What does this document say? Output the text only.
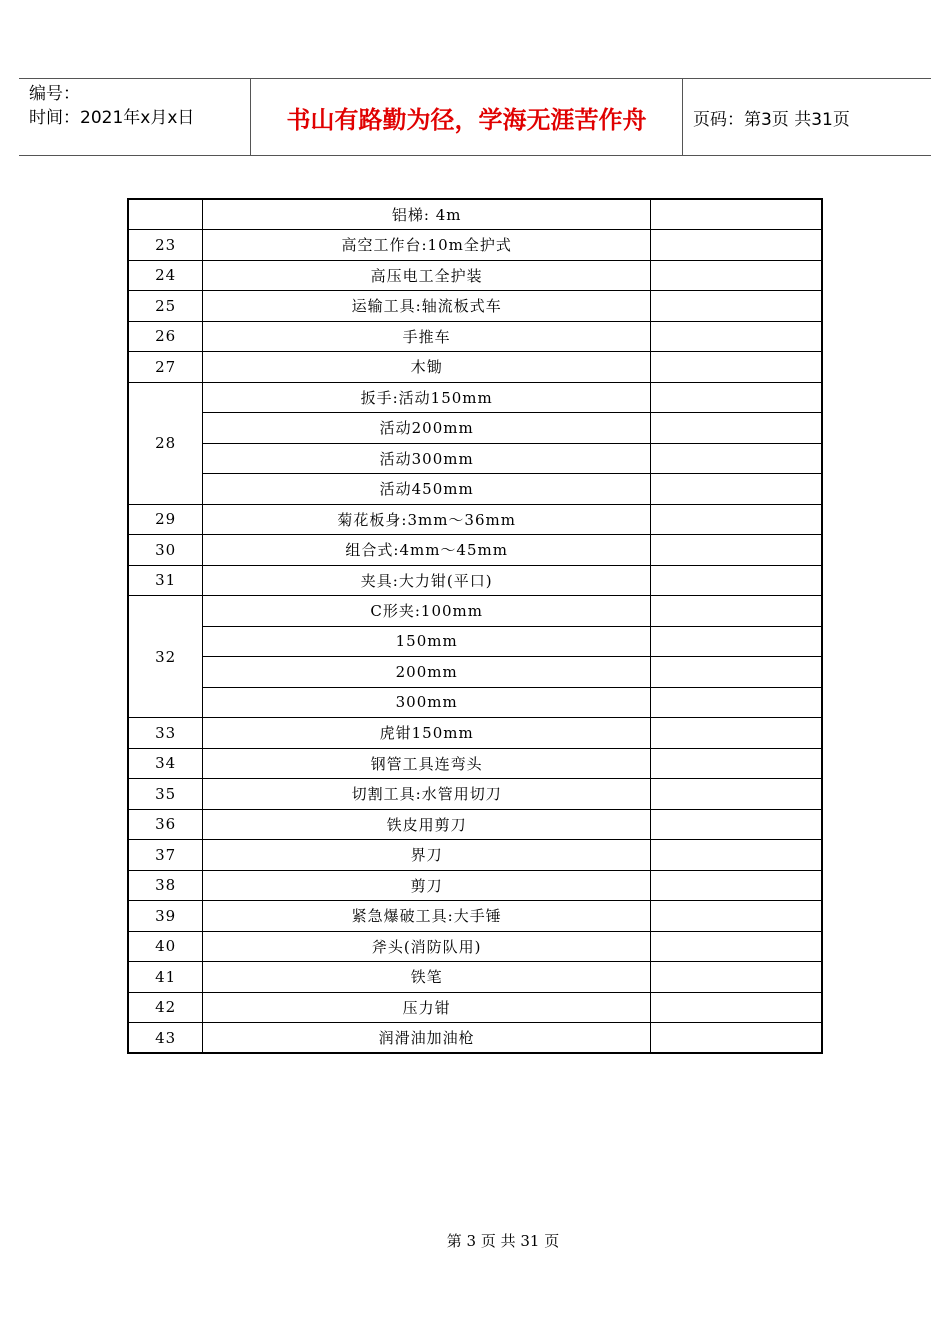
编号：
时间：2021年x月x日	书山有路勤为径，学海无涯苦作舟	页码：第3页 共31页
	铝梯: 4m	
23	高空工作台:10m全护式	
24	高压电工全护装	
25	运输工具:轴流板式车	
26	手推车	
27	木锄	
28	扳手:活动150mm	
	活动200mm	
	活动300mm	
	活动450mm	
29	菊花板身:3mm～36mm	
30	组合式:4mm～45mm	
31	夹具:大力钳(平口)	
32	C形夹:100mm	
	150mm	
	200mm	
	300mm	
33	虎钳150mm	
34	钢管工具连弯头	
35	切割工具:水管用切刀	
36	铁皮用剪刀	
37	界刀	
38	剪刀	
39	紧急爆破工具:大手锤	
40	斧头(消防队用)	
41	铁笔	
42	压力钳	
43	润滑油加油枪	
第 3 页 共 31 页
